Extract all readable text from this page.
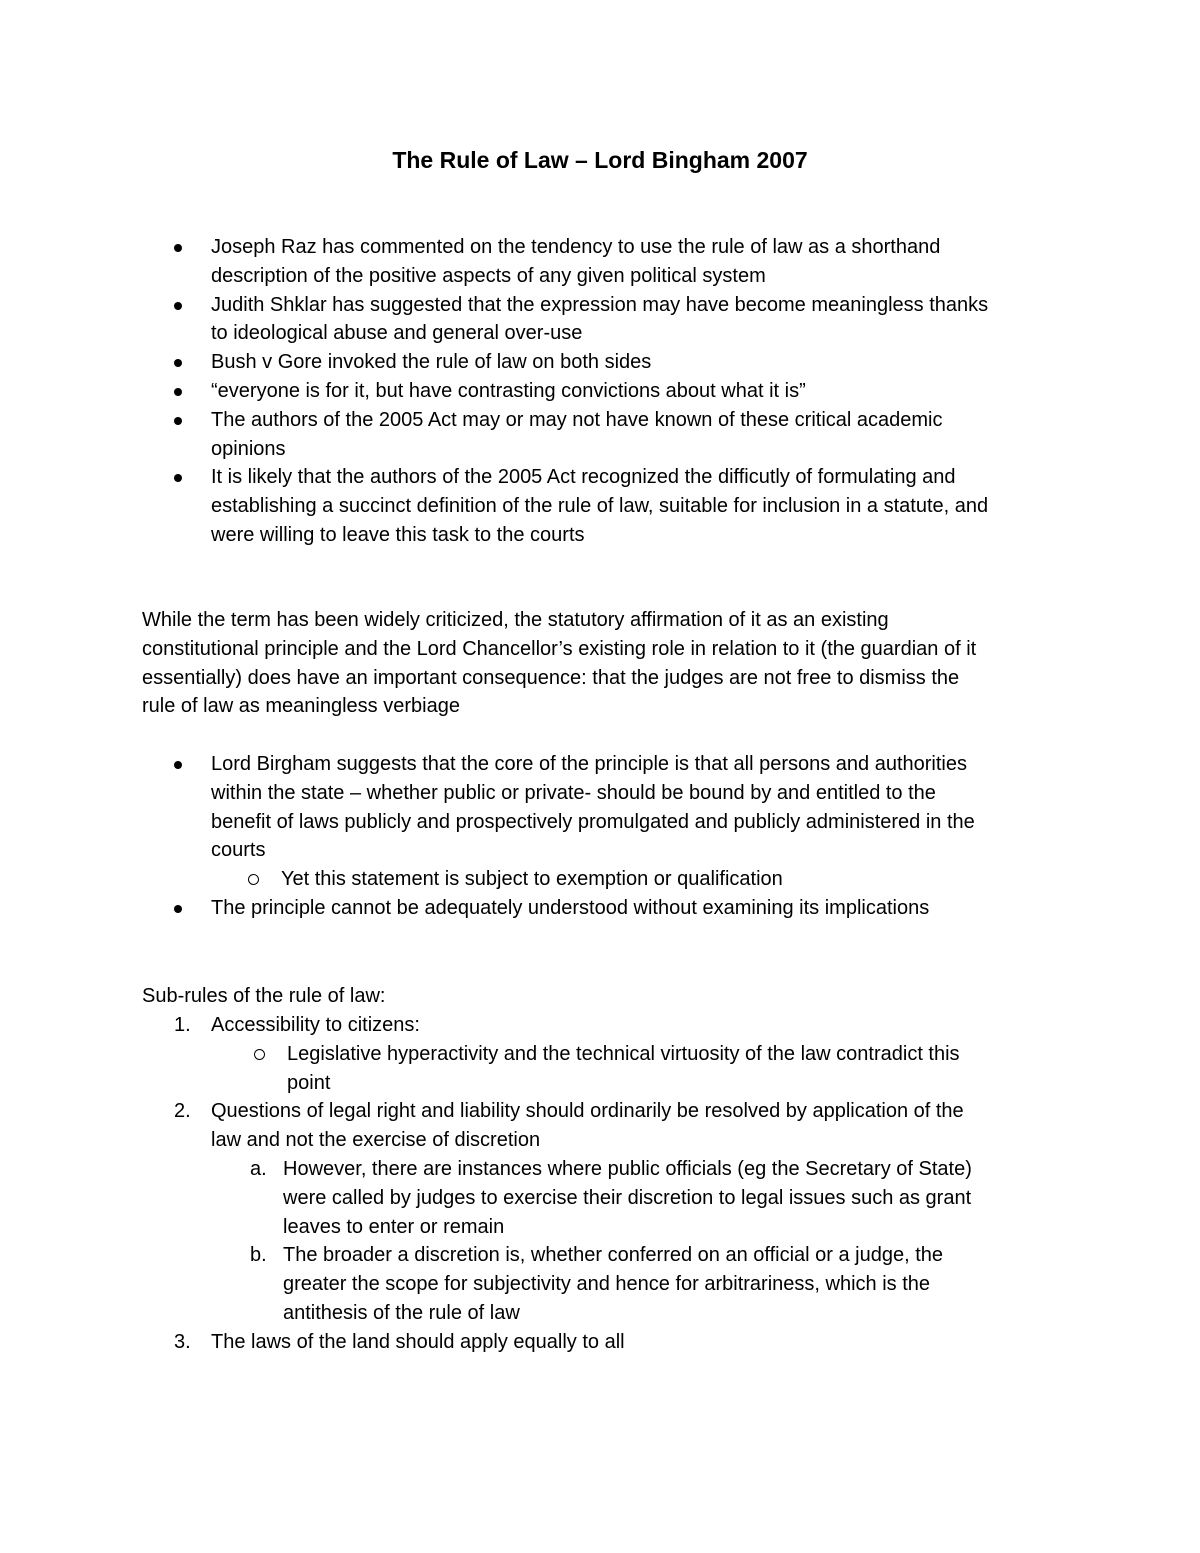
The Rule of Law – Lord Bingham 2007
Joseph Raz has commented on the tendency to use the rule of law as a shorthand
description of the positive aspects of any given political system
Judith Shklar has suggested that the expression may have become meaningless thanks
to ideological abuse and general over-use
Bush v Gore invoked the rule of law on both sides
“everyone is for it, but have contrasting convictions about what it is”
The authors of the 2005 Act may or may not have known of these critical academic
opinions
It is likely that the authors of the 2005 Act recognized the difficutly of formulating and
establishing a succinct definition of the rule of law, suitable for inclusion in a statute, and
were willing to leave this task to the courts
While the term has been widely criticized, the statutory affirmation of it as an existing
constitutional principle and the Lord Chancellor’s existing role in relation to it (the guardian of it
essentially) does have an important consequence: that the judges are not free to dismiss the
rule of law as meaningless verbiage
Lord Birgham suggests that the core of the principle is that all persons and authorities
within the state – whether public or private- should be bound by and entitled to the
benefit of laws publicly and prospectively promulgated and publicly administered in the
courts
Yet this statement is subject to exemption or qualification
The principle cannot be adequately understood without examining its implications
Sub-rules of the rule of law:
1. Accessibility to citizens:
Legislative hyperactivity and the technical virtuosity of the law contradict this
point
2. Questions of legal right and liability should ordinarily be resolved by application of the
law and not the exercise of discretion
a. However, there are instances where public officials (eg the Secretary of State)
were called by judges to exercise their discretion to legal issues such as grant
leaves to enter or remain
b. The broader a discretion is, whether conferred on an official or a judge, the
greater the scope for subjectivity and hence for arbitrariness, which is the
antithesis of the rule of law
3. The laws of the land should apply equally to all
